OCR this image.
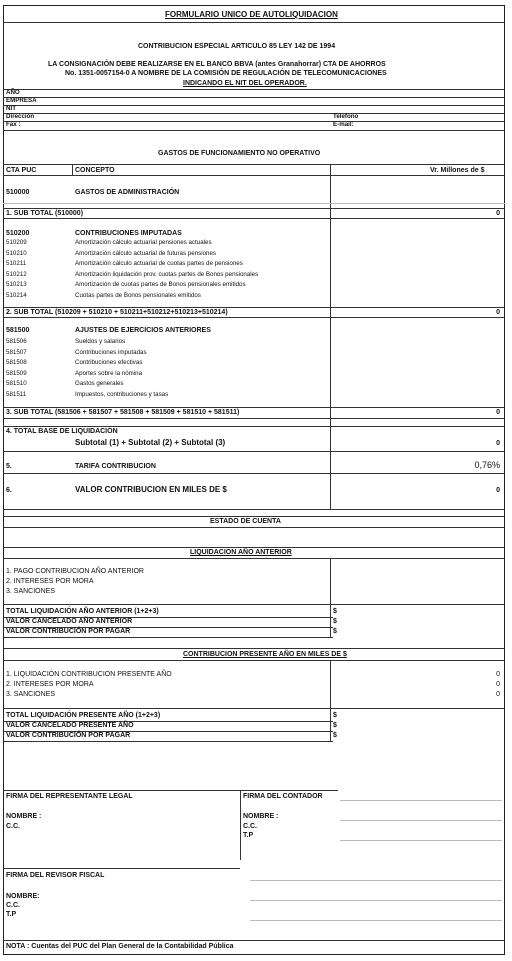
FORMULARIO UNICO DE AUTOLIQUIDACION
CONTRIBUCION ESPECIAL ARTICULO 85 LEY 142 DE 1994
LA CONSIGNACIÓN DEBE REALIZARSE EN EL BANCO BBVA (antes Granahorrar) CTA DE AHORROS
No. 1351-0057154-0 A NOMBRE DE LA COMISIÓN DE REGULACIÓN DE TELECOMUNICACIONES
INDICANDO EL NIT DEL OPERADOR.
AÑO
EMPRESA
NIT
Dirección	Telefono
Fax :	E-mail:
GASTOS DE FUNCIONAMIENTO NO OPERATIVO
CTA PUC	CONCEPTO	Vr. Millones de $
510000	GASTOS DE ADMINISTRACIÓN
1. SUB TOTAL (510000)	0
510200	CONTRIBUCIONES IMPUTADAS
510209	Amortización cálculo actuarial pensiones actuales
510210	Amortización cálculo actuarial de futuras pensiones
510211	Amortización cálculo actuarial de cuotas partes de pensiones
510212	Amortización liquidación prov. cuotas partes de Bonos pensionales
510213	Amortización de cuotas partes de Bonos pensionales emitidos
510214	Cuotas partes de Bonos pensionales emitidos
2. SUB TOTAL (510209 + 510210 + 510211+510212+510213+510214)	0
581500	AJUSTES DE EJERCICIOS ANTERIORES
581506	Sueldos y salarios
581507	Contribuciones imputadas
581508	Contribuciones efectivas
581509	Aportes sobre la nómina
581510	Gastos generales
581511	Impuestos, contribuciones y tasas
3. SUB TOTAL (581506 + 581507 + 581508 + 581509 + 581510 + 581511)	0
4. TOTAL BASE DE LIQUIDACIÓN
Subtotal (1) + Subtotal (2) + Subtotal (3)	0
5.	TARIFA CONTRIBUCION	0,76%
6.	VALOR CONTRIBUCION EN MILES DE $	0
ESTADO DE CUENTA
LIQUIDACION AÑO ANTERIOR
1. PAGO CONTRIBUCION AÑO ANTERIOR
2. INTERESES POR MORA
3. SANCIONES
TOTAL LIQUIDACIÓN AÑO ANTERIOR (1+2+3)	$
VALOR CANCELADO AÑO ANTERIOR	$
VALOR CONTRIBUCIÓN POR PAGAR	$
CONTRIBUCION PRESENTE AÑO EN MILES DE $
1. LIQUIDACIÓN CONTRIBUCION PRESENTE AÑO	0
2. INTERESES POR MORA	0
3. SANCIONES	0
TOTAL LIQUIDACIÓN PRESENTE AÑO (1+2+3)	$
VALOR CANCELADO PRESENTE AÑO	$
VALOR CONTRIBUCIÓN POR PAGAR	$
FIRMA DEL REPRESENTANTE LEGAL
NOMBRE :
C.C.
FIRMA DEL CONTADOR
NOMBRE :
C.C.
T.P
FIRMA DEL REVISOR FISCAL
NOMBRE:
C.C.
T.P
NOTA : Cuentas del PUC del Plan General de la Contabilidad Pública
